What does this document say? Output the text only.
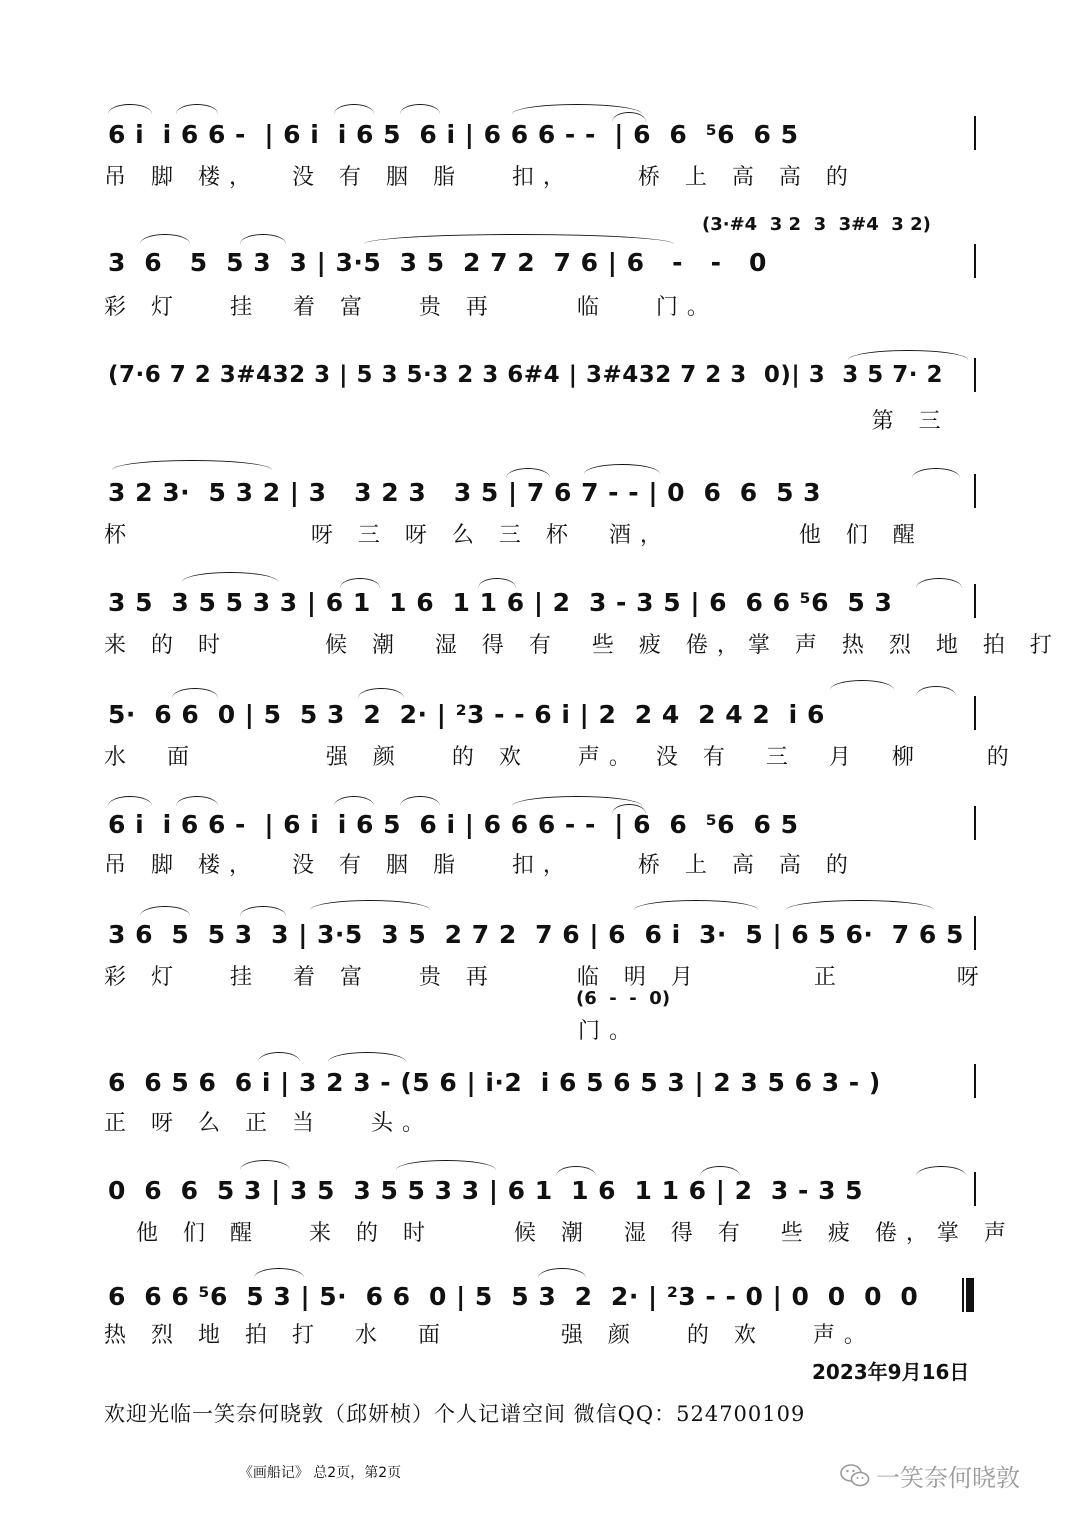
6 i  i 6 6 -  | 6 i  i 6 5  6 i | 6 6 6 - -  | 6  6  ⁵6  6 5
吊 脚 楼，  没 有 胭 脂   扣，    桥 上 高 高 的
(3·#4  3 2  3  3#4  3 2)
3  6   5  5 3  3 | 3·5  3 5  2 7 2  7 6 | 6   -   -   0
彩 灯   挂  着 富   贵 再     临   门。
(7·6 7 2 3#432 3 | 5 3 5·3 2 3 6#4 | 3#432 7 2 3  0)| 3  3 5 7· 2
第 三
3 2 3·  5 3 2 | 3   3 2 3   3 5 | 7 6 7 - - | 0  6  6  5 3
杯           呀 三 呀 么 三 杯  酒，        他 们 醒
3 5  3 5 5 3 3 | 6 1  1 6  1 1 6 | 2  3 - 3 5 | 6  6 6 ⁵6  5 3
来 的 时      候 潮  湿 得 有  些 疲 倦，掌 声 热 烈 地 拍 打
5·  6 6  0 | 5  5 3  2  2· | ²3 - - 6 i | 2  2 4  2 4 2  i 6
水  面        强 颜   的 欢   声。 没 有  三  月  柳    的
6 i  i 6 6 -  | 6 i  i 6 5  6 i | 6 6 6 - -  | 6  6  ⁵6  6 5
吊 脚 楼，  没 有 胭 脂   扣，    桥 上 高 高 的
3 6  5  5 3  3 | 3·5  3 5  2 7 2  7 6 | 6  6 i  3·  5 | 6 5 6·  7 6 5
彩 灯   挂  着 富   贵 再     临 明 月       正       呀
(6  -  -  0)
门。
6  6 5 6  6 i | 3 2 3 - (5 6 | i·2  i 6 5 6 5 3 | 2 3 5 6 3 - )
正 呀 么 正 当   头。
0  6  6  5 3 | 3 5  3 5 5 3 3 | 6 1  1 6  1 1 6 | 2  3 - 3 5
他 们 醒   来 的 时     候 潮  湿 得 有  些 疲 倦，掌 声
6  6 6 ⁵6  5 3 | 5·  6 6  0 | 5  5 3  2  2· | ²3 - - 0 | 0  0  0  0
热 烈 地 拍 打  水  面       强 颜   的 欢   声。
2023年9月16日
欢迎光临一笑奈何晓敦（邱妍桢）个人记谱空间 微信QQ：524700109
《画船记》 总2页，第2页	一笑奈何晓敦
